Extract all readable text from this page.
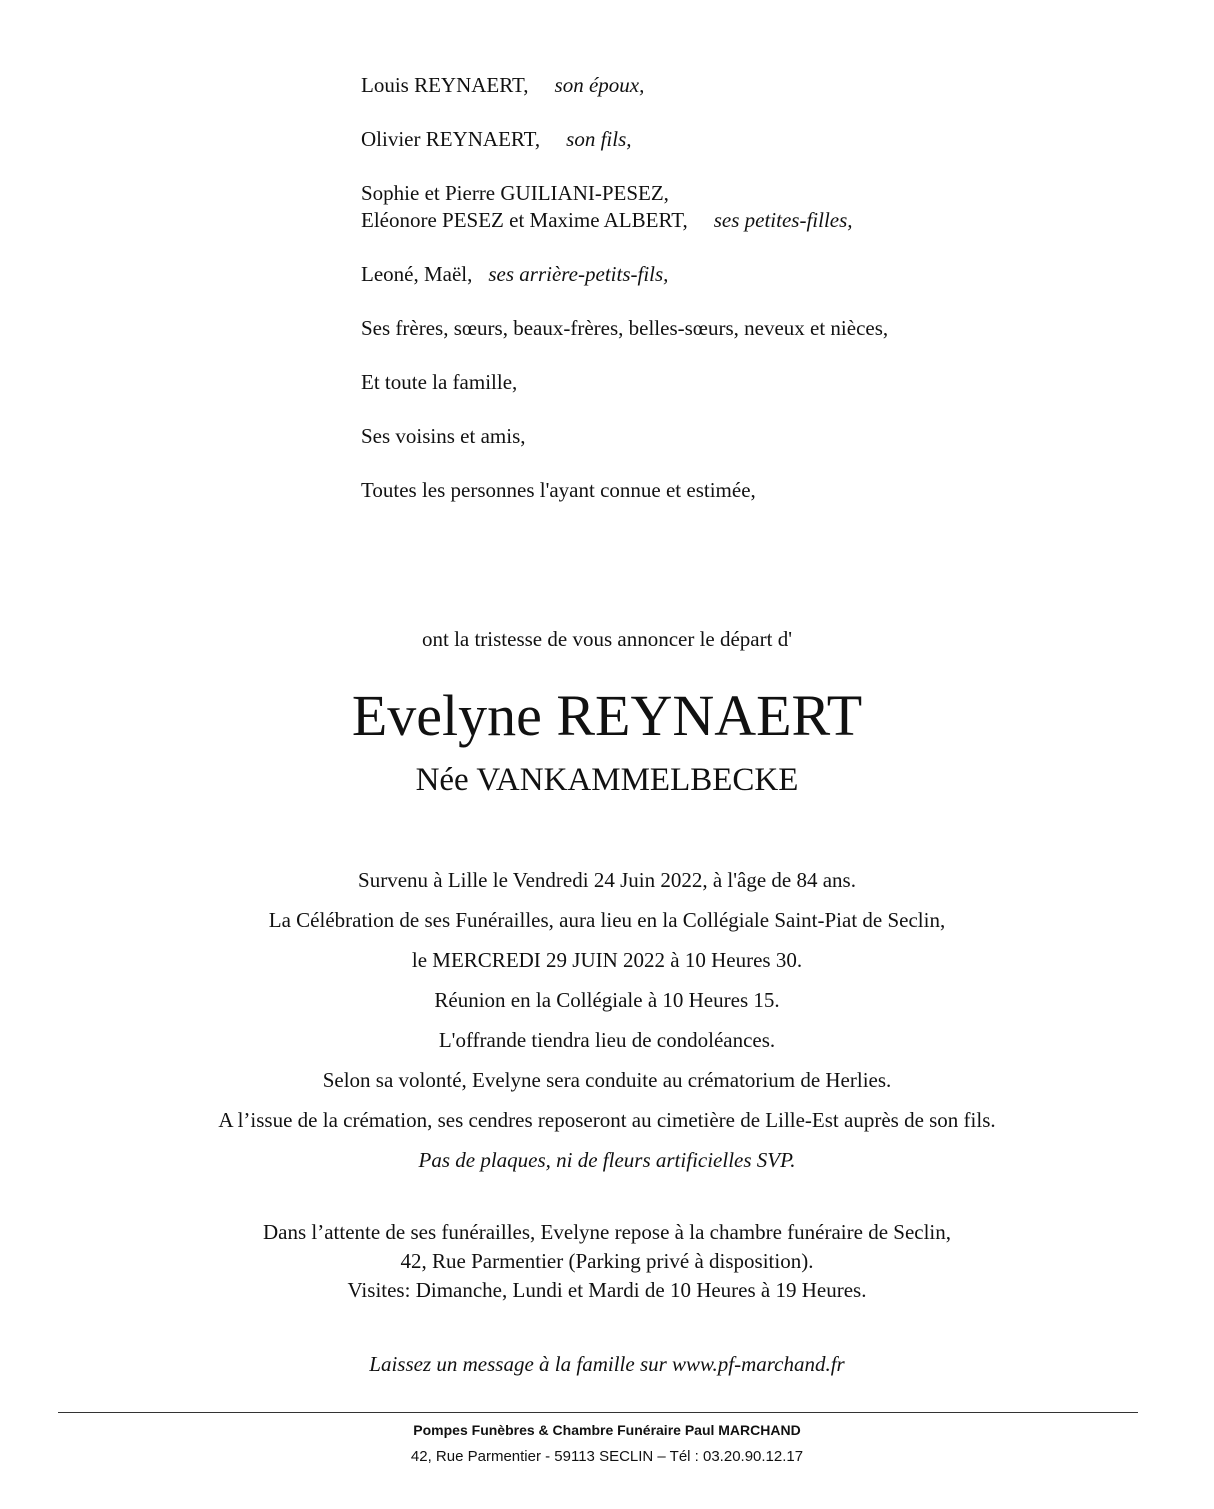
Louis REYNAERT, son époux,
Olivier REYNAERT, son fils,
Sophie et Pierre GUILIANI-PESEZ,
Eléonore PESEZ et Maxime ALBERT, ses petites-filles,
Leoné, Maël, ses arrière-petits-fils,
Ses frères, sœurs, beaux-frères, belles-sœurs, neveux et nièces,
Et toute la famille,
Ses voisins et amis,
Toutes les personnes l'ayant connue et estimée,
ont la tristesse de vous annoncer le départ d'
Evelyne REYNAERT
Née VANKAMMELBECKE
Survenu à Lille le Vendredi 24 Juin 2022, à l'âge de 84 ans.
La Célébration de ses Funérailles, aura lieu en la Collégiale Saint-Piat de Seclin,
le MERCREDI 29 JUIN 2022 à 10 Heures 30.
Réunion en la Collégiale à 10 Heures 15.
L'offrande tiendra lieu de condoléances.
Selon sa volonté, Evelyne sera conduite au crématorium de Herlies.
A l’issue de la crémation, ses cendres reposeront au cimetière de Lille-Est auprès de son fils.
Pas de plaques, ni de fleurs artificielles SVP.
Dans l’attente de ses funérailles, Evelyne repose à la chambre funéraire de Seclin,
42, Rue Parmentier (Parking privé à disposition).
Visites: Dimanche, Lundi et Mardi de 10 Heures à 19 Heures.
Laissez un message à la famille sur www.pf-marchand.fr
Pompes Funèbres & Chambre Funéraire Paul MARCHAND
42, Rue Parmentier - 59113 SECLIN – Tél : 03.20.90.12.17
